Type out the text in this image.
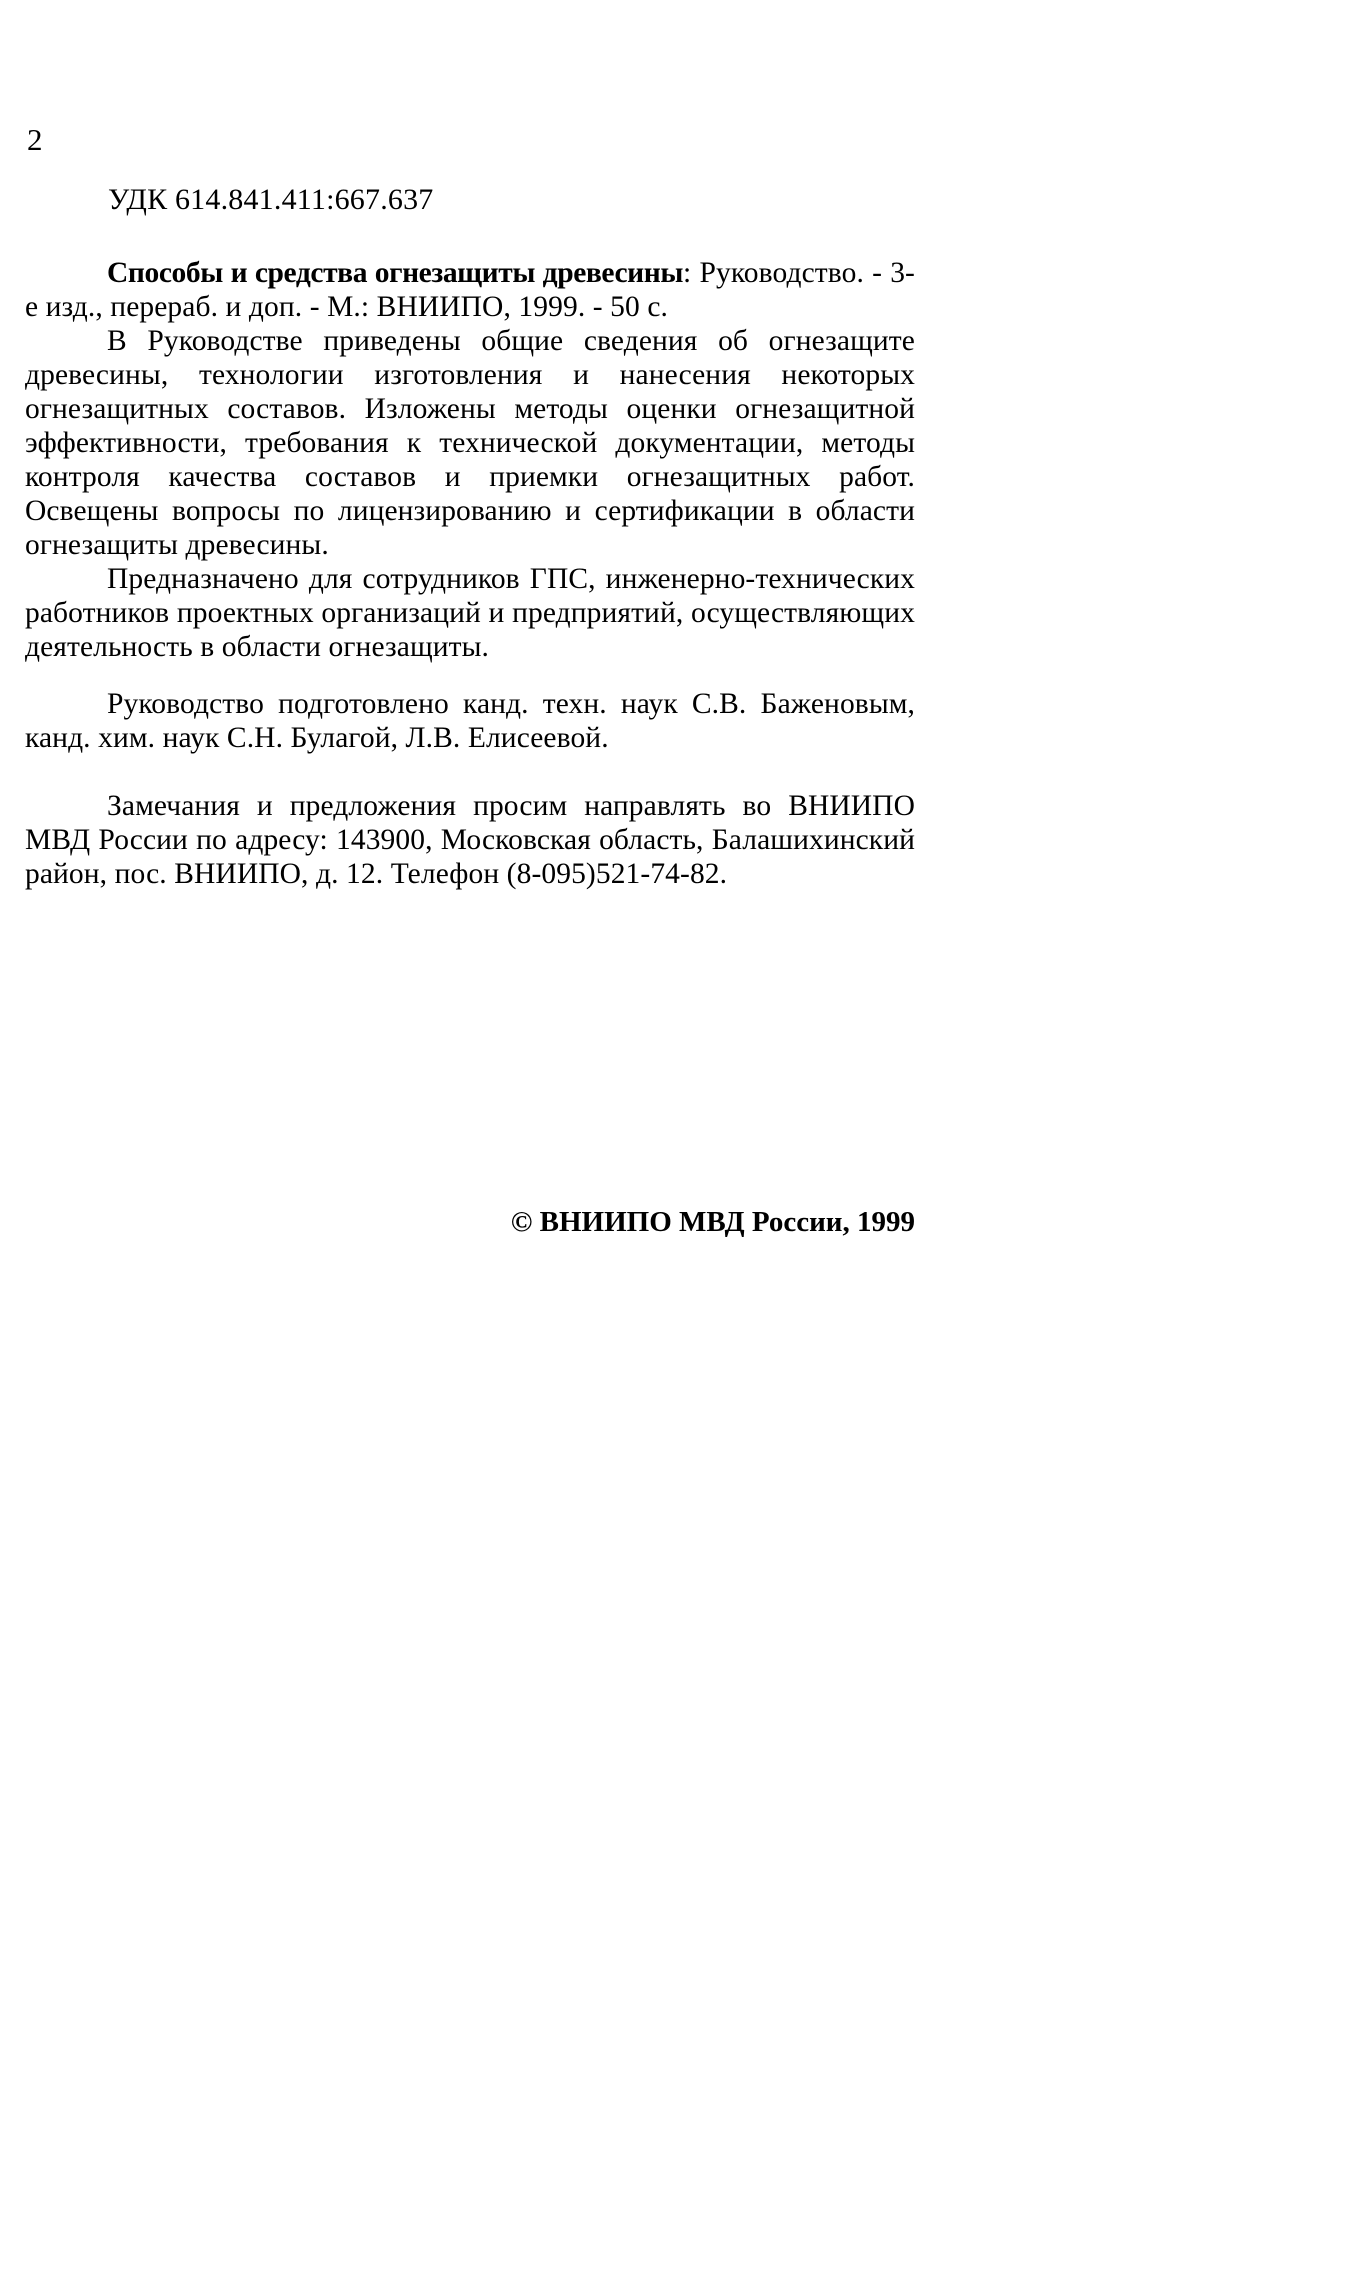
2
УДК 614.841.411:667.637

Способы и средства огнезащиты древесины: Руководство. - 3-е изд., перераб. и доп. - М.: ВНИИПО, 1999. - 50 с.

В Руководстве приведены общие сведения об огнезащите древесины, технологии изготовления и нанесения некоторых огнезащитных составов. Изложены методы оценки огнезащитной эффективности, требования к технической документации, методы контроля качества составов и приемки огнезащитных работ. Освещены вопросы по лицензированию и сертификации в области огнезащиты древесины.

Предназначено для сотрудников ГПС, инженерно-технических работников проектных организаций и предприятий, осуществляющих деятельность в области огнезащиты.

Руководство подготовлено канд. техн. наук С.В. Баженовым, канд. хим. наук С.Н. Булагой, Л.В. Елисеевой.

Замечания и предложения просим направлять во ВНИИПО МВД России по адресу: 143900, Московская область, Балашихинский район, пос. ВНИИПО, д. 12. Телефон (8-095)521-74-82.

© ВНИИПО МВД России, 1999
